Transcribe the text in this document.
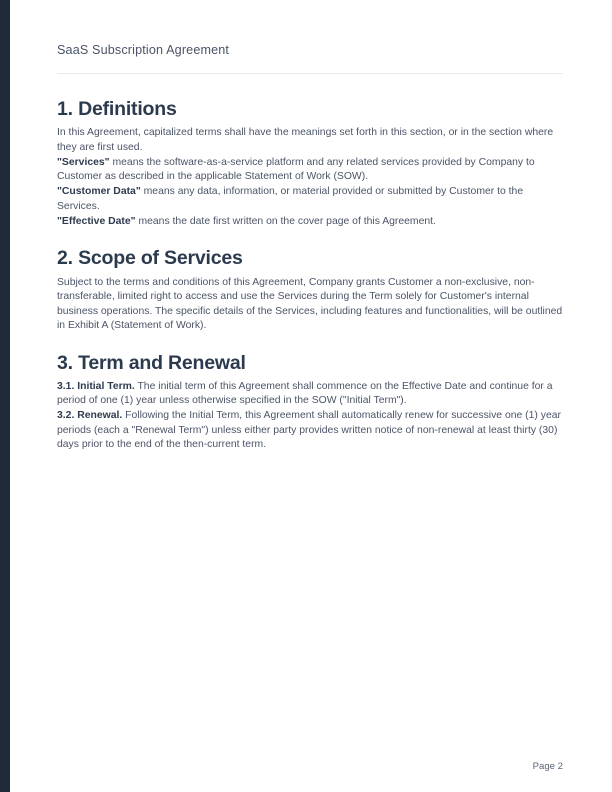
SaaS Subscription Agreement
1. Definitions

In this Agreement, capitalized terms shall have the meanings set forth in this section, or in the section where they are first used.

"Services" means the software-as-a-service platform and any related services provided by Company to Customer as described in the applicable Statement of Work (SOW).

"Customer Data" means any data, information, or material provided or submitted by Customer to the Services.

"Effective Date" means the date first written on the cover page of this Agreement.

2. Scope of Services

Subject to the terms and conditions of this Agreement, Company grants Customer a non-exclusive, non-transferable, limited right to access and use the Services during the Term solely for Customer's internal business operations. The specific details of the Services, including features and functionalities, will be outlined in Exhibit A (Statement of Work).

3. Term and Renewal

3.1. Initial Term. The initial term of this Agreement shall commence on the Effective Date and continue for a period of one (1) year unless otherwise specified in the SOW ("Initial Term").

3.2. Renewal. Following the Initial Term, this Agreement shall automatically renew for successive one (1) year periods (each a "Renewal Term") unless either party provides written notice of non-renewal at least thirty (30) days prior to the end of the then-current term.

Page 2
